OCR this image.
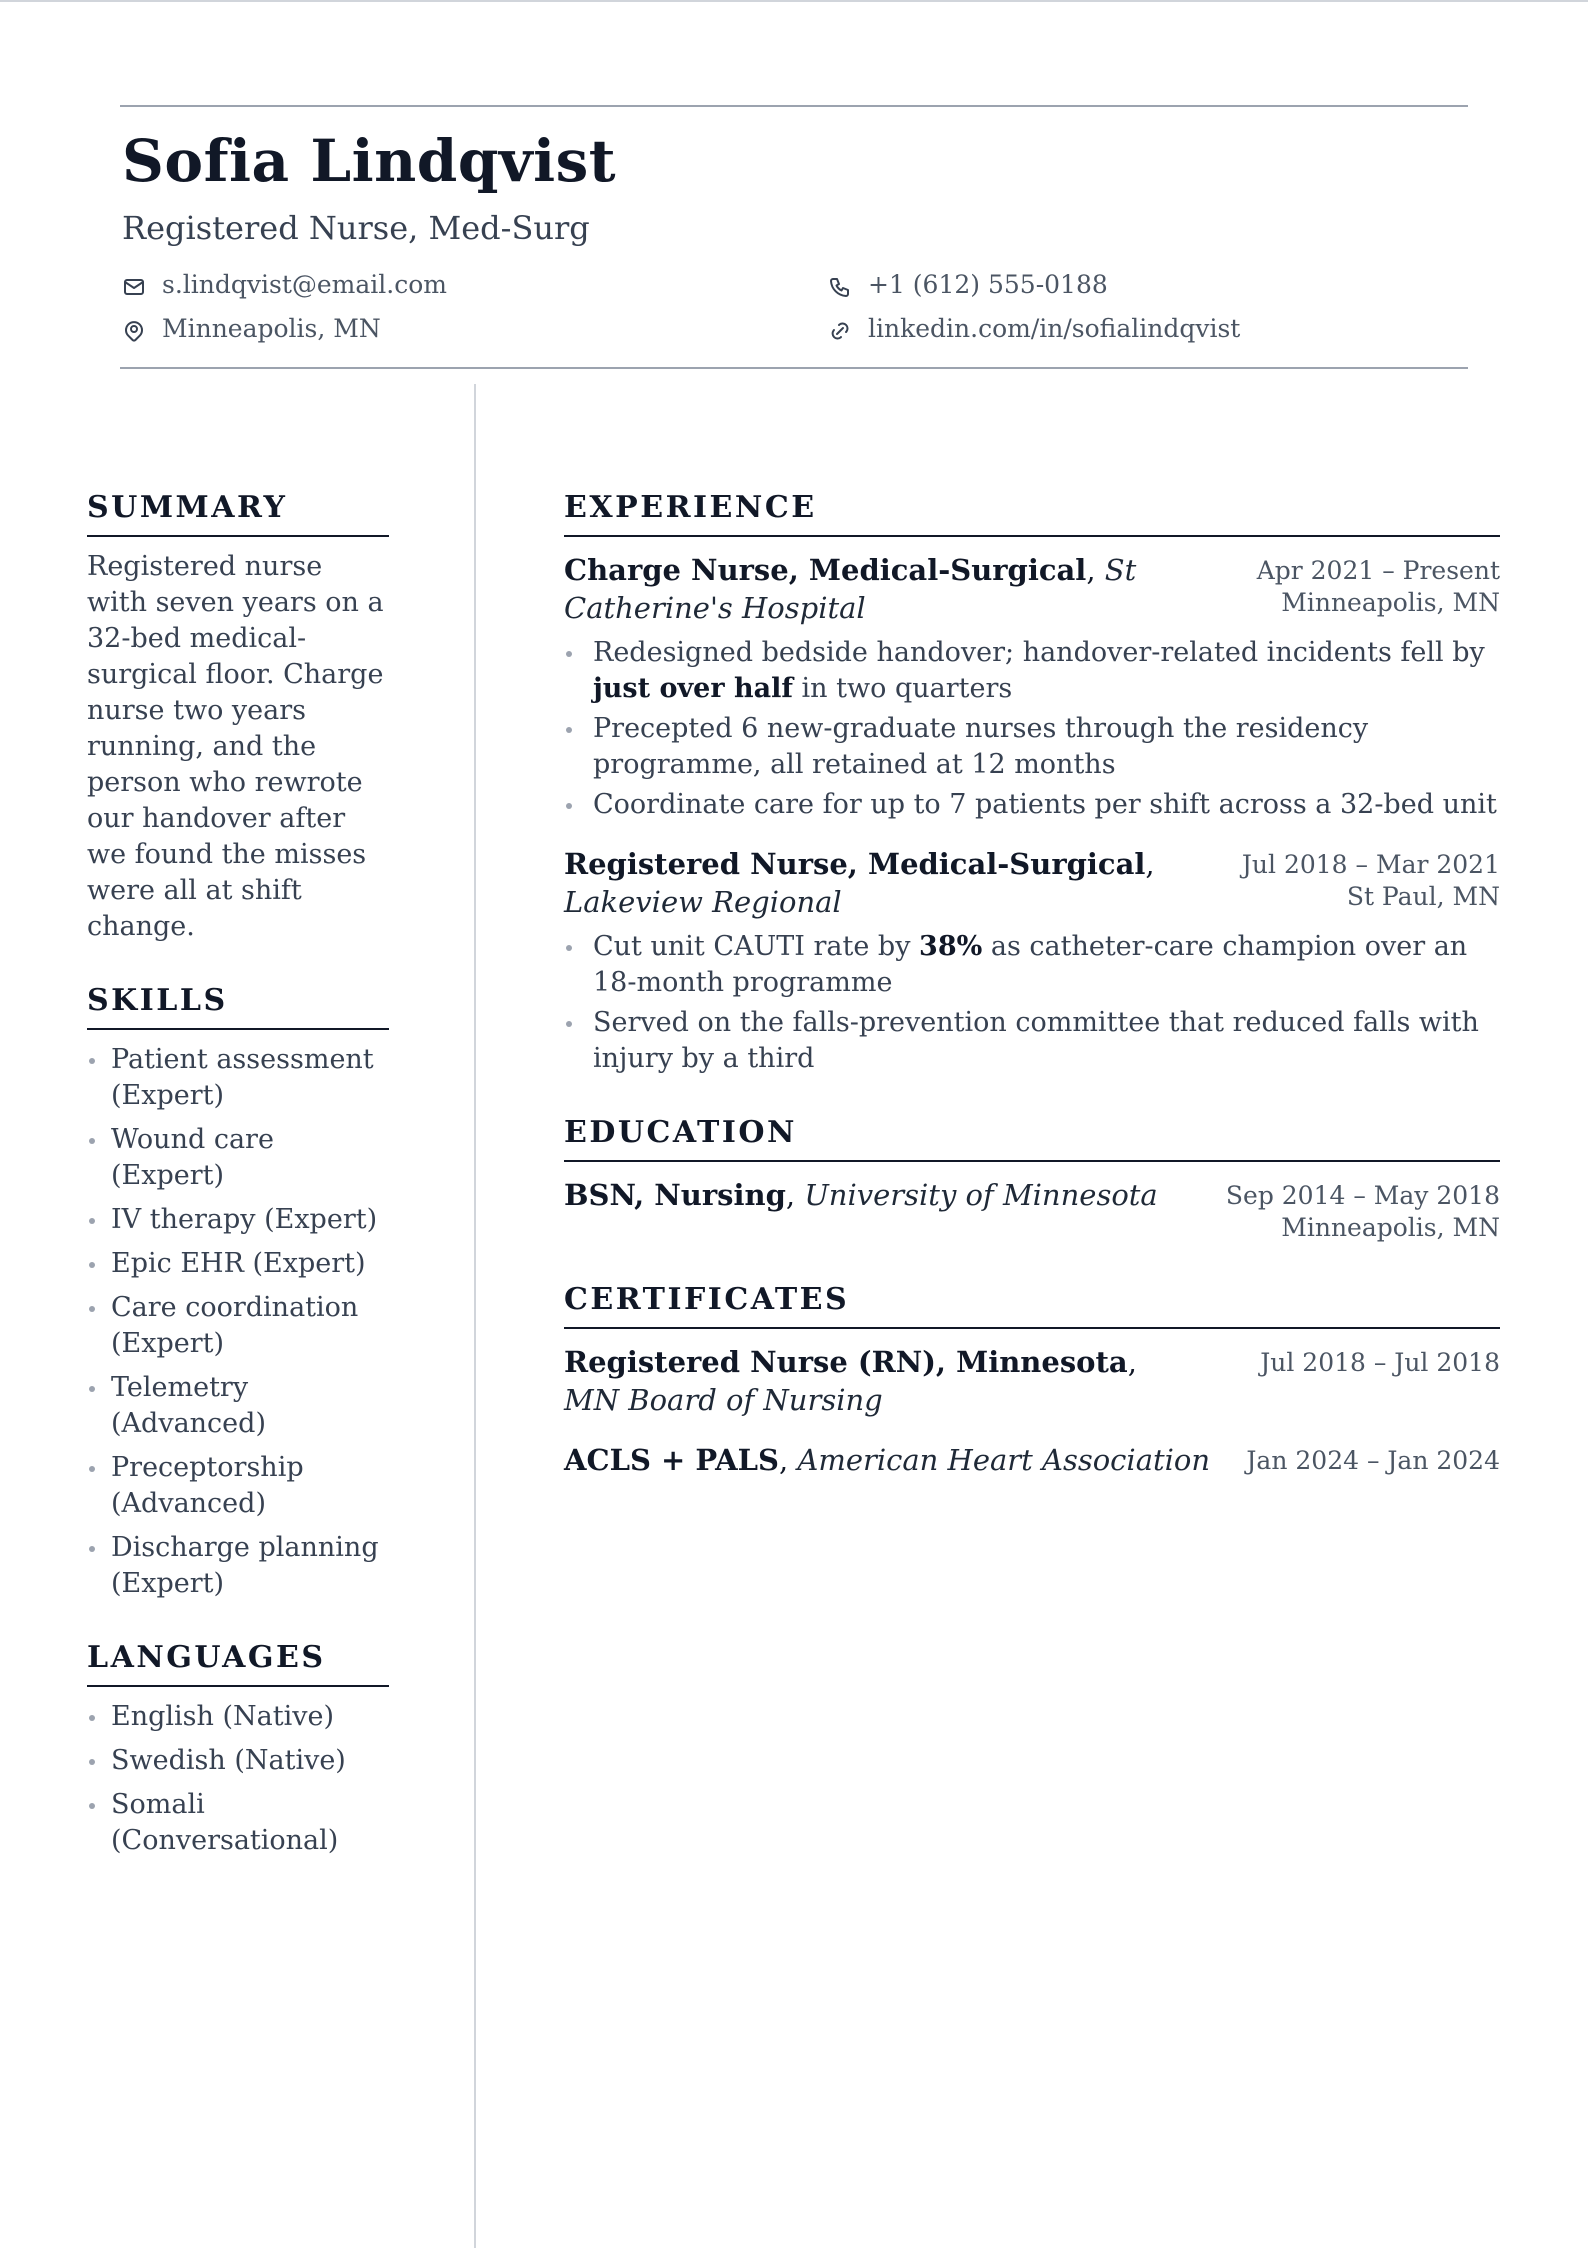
Sofia Lindqvist
Registered Nurse, Med-Surg
s.lindqvist@email.com	+1 (612) 555-0188
Minneapolis, MN	linkedin.com/in/sofialindqvist
SUMMARY
Registered nurse with seven years on a 32-bed medical-surgical floor. Charge nurse two years running, and the person who rewrote our handover after we found the misses were all at shift change.
SKILLS
Patient assessment (Expert)
Wound care (Expert)
IV therapy (Expert)
Epic EHR (Expert)
Care coordination (Expert)
Telemetry (Advanced)
Preceptorship (Advanced)
Discharge planning (Expert)
LANGUAGES
English (Native)
Swedish (Native)
Somali (Conversational)
EXPERIENCE
Charge Nurse, Medical-Surgical, St Catherine's Hospital
Apr 2021 – Present
Minneapolis, MN
Redesigned bedside handover; handover-related incidents fell by just over half in two quarters
Precepted 6 new-graduate nurses through the residency programme, all retained at 12 months
Coordinate care for up to 7 patients per shift across a 32-bed unit
Registered Nurse, Medical-Surgical, Lakeview Regional
Jul 2018 – Mar 2021
St Paul, MN
Cut unit CAUTI rate by 38% as catheter-care champion over an 18-month programme
Served on the falls-prevention committee that reduced falls with injury by a third
EDUCATION
BSN, Nursing, University of Minnesota	Sep 2014 – May 2018
Minneapolis, MN
CERTIFICATES
Registered Nurse (RN), Minnesota, MN Board of Nursing
Jul 2018 – Jul 2018
ACLS + PALS, American Heart Association Jan 2024 – Jan 2024
